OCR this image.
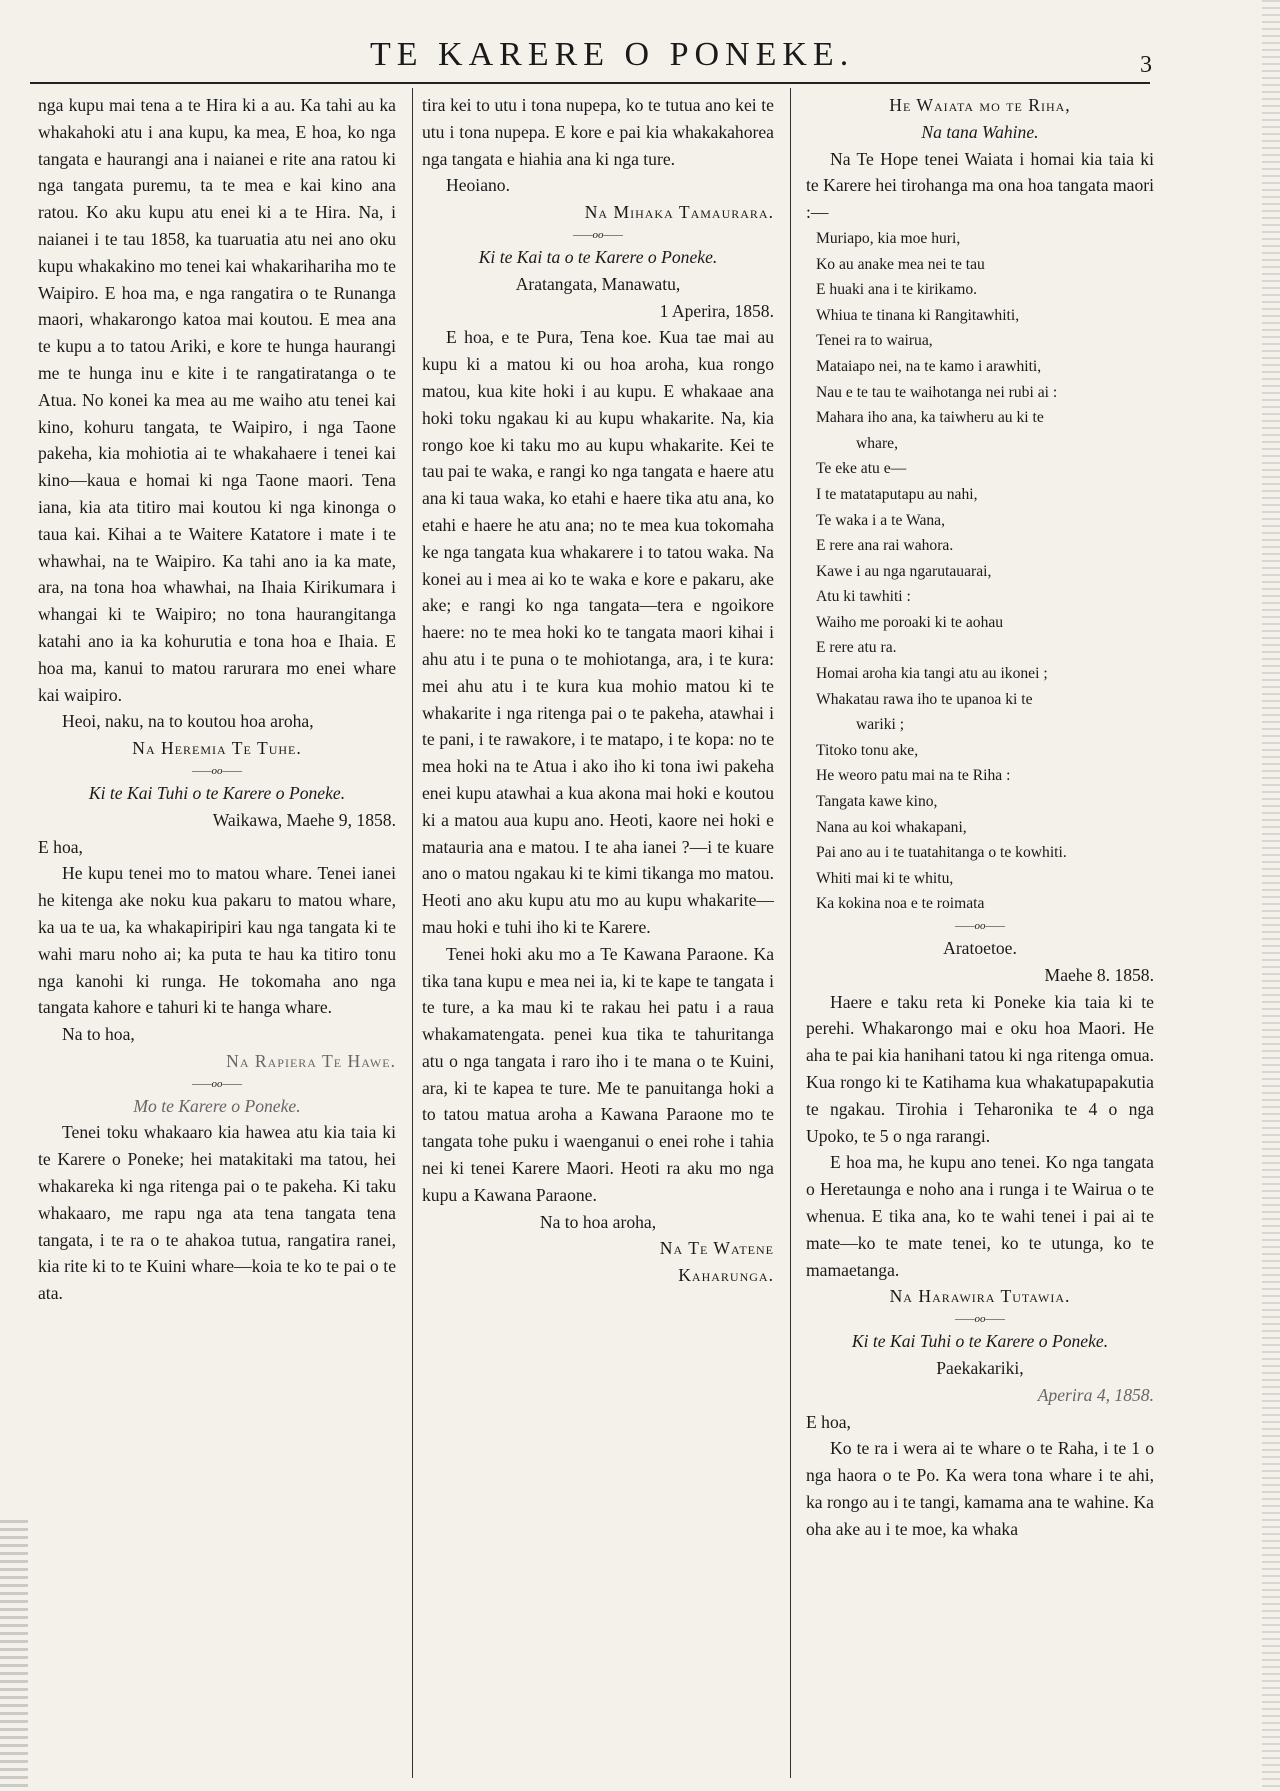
TE KARERE O PONEKE.	3

nga kupu mai tena a te Hira ki a au. Ka tahi au ka whakahoki atu i ana kupu, ka mea, E hoa, ko nga tangata e haurangi ana i naianei e rite ana ratou ki nga tangata puremu, ta te mea e kai kino ana ratou. Ko aku kupu atu enei ki a te Hira. Na, i naianei i te tau 1858, ka tuaruatia atu nei ano oku kupu whakakino mo tenei kai whakarihariha mo te Waipiro. E hoa ma, e nga rangatira o te Runanga maori, whakarongo katoa mai koutou. E mea ana te kupu a to tatou Ariki, e kore te hunga haurangi me te hunga inu e kite i te rangatiratanga o te Atua. No konei ka mea au me waiho atu tenei kai kino, kohuru tangata, te Waipiro, i nga Taone pakeha, kia mohiotia ai te whakahaere i tenei kai kino—kaua e homai ki nga Taone maori. Tena iana, kia ata titiro mai koutou ki nga kinonga o taua kai. Kihai a te Waitere Katatore i mate i te whawhai, na te Waipiro. Ka tahi ano ia ka mate, ara, na tona hoa whawhai, na Ihaia Kirikumara i whangai ki te Waipiro; no tona haurangitanga katahi ano ia ka kohurutia e tona hoa e Ihaia. E hoa ma, kanui to matou rarurara mo enei whare kai waipiro.

Heoi, naku, na to koutou hoa aroha,

Na Heremia Te Tuhe.

——oo——

Ki te Kai Tuhi o te Karere o Poneke.

Waikawa, Maehe 9, 1858.

E hoa,

He kupu tenei mo to matou whare. Tenei ianei he kitenga ake noku kua pakaru to matou whare, ka ua te ua, ka whakapiripiri kau nga tangata ki te wahi maru noho ai; ka puta te hau ka titiro tonu nga kanohi ki runga. He tokomaha ano nga tangata kahore e tahuri ki te hanga whare.

Na to hoa,

Na Rapiera Te Hawe.

——oo——

Mo te Karere o Poneke.

Tenei toku whakaaro kia hawea atu kia taia ki te Karere o Poneke; hei matakitaki ma tatou, hei whakareka ki nga ritenga pai o te pakeha. Ki taku whakaaro, me rapu nga ata tena tangata tena tangata, i te ra o te ahakoa tutua, rangatira ranei, kia rite ki to te Kuini whare—koia te ko te pai o te ata.

tira kei to utu i tona nupepa, ko te tutua ano kei te utu i tona nupepa. E kore e pai kia whakakahorea nga tangata e hiahia ana ki nga ture.

Heoiano.

Na Mihaka Tamaurara.

——oo——

Ki te Kai ta o te Karere o Poneke.

Aratangata, Manawatu,

1 Aperira, 1858.

E hoa, e te Pura, Tena koe. Kua tae mai au kupu ki a matou ki ou hoa aroha, kua rongo matou, kua kite hoki i au kupu. E whakaae ana hoki toku ngakau ki au kupu whakarite. Na, kia rongo koe ki taku mo au kupu whakarite. Kei te tau pai te waka, e rangi ko nga tangata e haere atu ana ki taua waka, ko etahi e haere tika atu ana, ko etahi e haere he atu ana; no te mea kua tokomaha ke nga tangata kua whakarere i to tatou waka. Na konei au i mea ai ko te waka e kore e pakaru, ake ake; e rangi ko nga tangata—tera e ngoikore haere: no te mea hoki ko te tangata maori kihai i ahu atu i te puna o te mohiotanga, ara, i te kura: mei ahu atu i te kura kua mohio matou ki te whakarite i nga ritenga pai o te pakeha, atawhai i te pani, i te rawakore, i te matapo, i te kopa: no te mea hoki na te Atua i ako iho ki tona iwi pakeha enei kupu atawhai a kua akona mai hoki e koutou ki a matou aua kupu ano. Heoti, kaore nei hoki e matauria ana e matou. I te aha ianei ?—i te kuare ano o matou ngakau ki te kimi tikanga mo matou. Heoti ano aku kupu atu mo au kupu whakarite—mau hoki e tuhi iho ki te Karere.

Tenei hoki aku mo a Te Kawana Paraone. Ka tika tana kupu e mea nei ia, ki te kape te tangata i te ture, a ka mau ki te rakau hei patu i a raua whakamatengata. penei kua tika te tahuritanga atu o nga tangata i raro iho i te mana o te Kuini, ara, ki te kapea te ture. Me te panuitanga hoki a to tatou matua aroha a Kawana Paraone mo te tangata tohe puku i waenganui o enei rohe i tahia nei ki tenei Karere Maori. Heoti ra aku mo nga kupu a Kawana Paraone.

Na to hoa aroha,

Na Te Watene

Kaharunga.

He Waiata mo te Riha,

Na tana Wahine.

Na Te Hope tenei Waiata i homai kia taia ki te Karere hei tirohanga ma ona hoa tangata maori :—

Muriapo, kia moe huri,
Ko au anake mea nei te tau
E huaki ana i te kirikamo.
Whiua te tinana ki Rangitawhiti,
Tenei ra to wairua,
Mataiapo nei, na te kamo i arawhiti,
Nau e te tau te waihotanga nei rubi ai :
Mahara iho ana, ka taiwheru au ki te
whare,
Te eke atu e—
I te matataputapu au nahi,
Te waka i a te Wana,
E rere ana rai wahora.
Kawe i au nga ngarutauarai,
Atu ki tawhiti :
Waiho me poroaki ki te aohau
E rere atu ra.
Homai aroha kia tangi atu au ikonei ;
Whakatau rawa iho te upanoa ki te
wariki ;
Titoko tonu ake,
He weoro patu mai na te Riha :
Tangata kawe kino,
Nana au koi whakapani,
Pai ano au i te tuatahitanga o te kowhiti.
Whiti mai ki te whitu,
Ka kokina noa e te roimata

——oo——

Aratoetoe.

Maehe 8. 1858.

Haere e taku reta ki Poneke kia taia ki te perehi. Whakarongo mai e oku hoa Maori. He aha te pai kia hanihani tatou ki nga ritenga omua. Kua rongo ki te Katihama kua whakatupapakutia te ngakau. Tirohia i Teharonika te 4 o nga Upoko, te 5 o nga rarangi.

E hoa ma, he kupu ano tenei. Ko nga tangata o Heretaunga e noho ana i runga i te Wairua o te whenua. E tika ana, ko te wahi tenei i pai ai te mate—ko te mate tenei, ko te utunga, ko te mamaetanga.

Na Harawira Tutawia.

——oo——

Ki te Kai Tuhi o te Karere o Poneke.

Paekakariki,

Aperira 4, 1858.

E hoa,

Ko te ra i wera ai te whare o te Raha, i te 1 o nga haora o te Po. Ka wera tona whare i te ahi, ka rongo au i te tangi, kamama ana te wahine. Ka oha ake au i te moe, ka whaka
